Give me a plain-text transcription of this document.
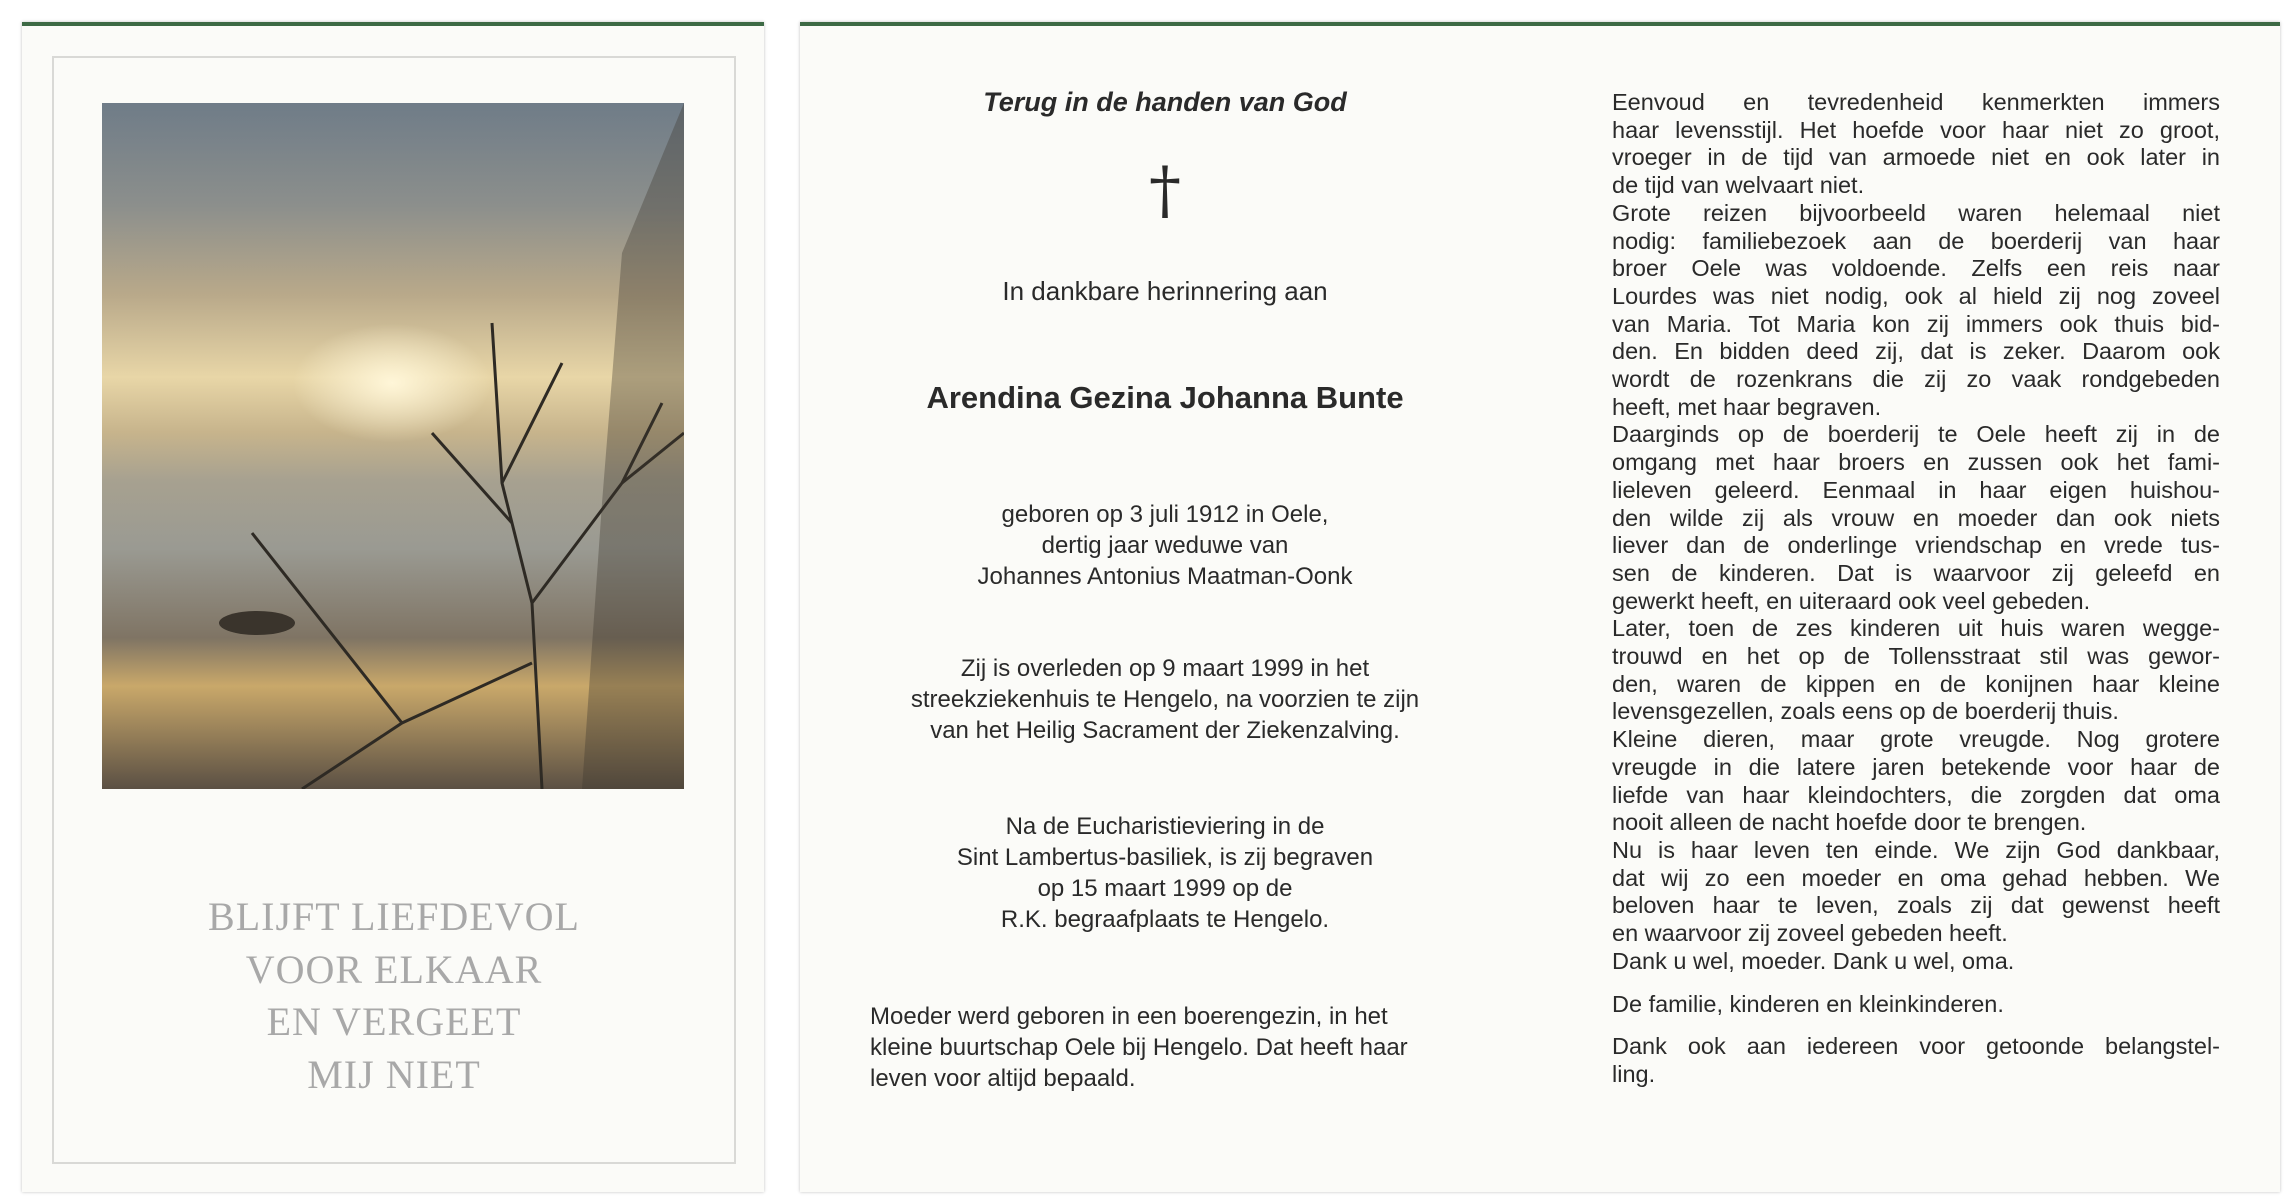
BLIJFT LIEFDEVOL
VOOR ELKAAR
EN VERGEET
MIJ NIET
Terug in de handen van God
†
In dankbare herinnering aan
Arendina Gezina Johanna Bunte
geboren op 3 juli 1912 in Oele,
dertig jaar weduwe van
Johannes Antonius Maatman-Oonk
Zij is overleden op 9 maart 1999 in het
streekziekenhuis te Hengelo, na voorzien te zijn
van het Heilig Sacrament der Ziekenzalving.
Na de Eucharistieviering in de
Sint Lambertus-basiliek, is zij begraven
op 15 maart 1999 op de
R.K. begraafplaats te Hengelo.
Moeder werd geboren in een boerengezin, in het
kleine buurtschap Oele bij Hengelo. Dat heeft haar
leven voor altijd bepaald.
Eenvoud en tevredenheid kenmerkten immers
haar levensstijl. Het hoefde voor haar niet zo groot,
vroeger in de tijd van armoede niet en ook later in
de tijd van welvaart niet.
Grote reizen bijvoorbeeld waren helemaal niet
nodig: familiebezoek aan de boerderij van haar
broer Oele was voldoende. Zelfs een reis naar
Lourdes was niet nodig, ook al hield zij nog zoveel
van Maria. Tot Maria kon zij immers ook thuis bid-
den. En bidden deed zij, dat is zeker. Daarom ook
wordt de rozenkrans die zij zo vaak rondgebeden
heeft, met haar begraven.
Daarginds op de boerderij te Oele heeft zij in de
omgang met haar broers en zussen ook het fami-
lieleven geleerd. Eenmaal in haar eigen huishou-
den wilde zij als vrouw en moeder dan ook niets
liever dan de onderlinge vriendschap en vrede tus-
sen de kinderen. Dat is waarvoor zij geleefd en
gewerkt heeft, en uiteraard ook veel gebeden.
Later, toen de zes kinderen uit huis waren wegge-
trouwd en het op de Tollensstraat stil was gewor-
den, waren de kippen en de konijnen haar kleine
levensgezellen, zoals eens op de boerderij thuis.
Kleine dieren, maar grote vreugde. Nog grotere
vreugde in die latere jaren betekende voor haar de
liefde van haar kleindochters, die zorgden dat oma
nooit alleen de nacht hoefde door te brengen.
Nu is haar leven ten einde. We zijn God dankbaar,
dat wij zo een moeder en oma gehad hebben. We
beloven haar te leven, zoals zij dat gewenst heeft
en waarvoor zij zoveel gebeden heeft.
Dank u wel, moeder. Dank u wel, oma.
De familie, kinderen en kleinkinderen.
Dank ook aan iedereen voor getoonde belangstel-
ling.
